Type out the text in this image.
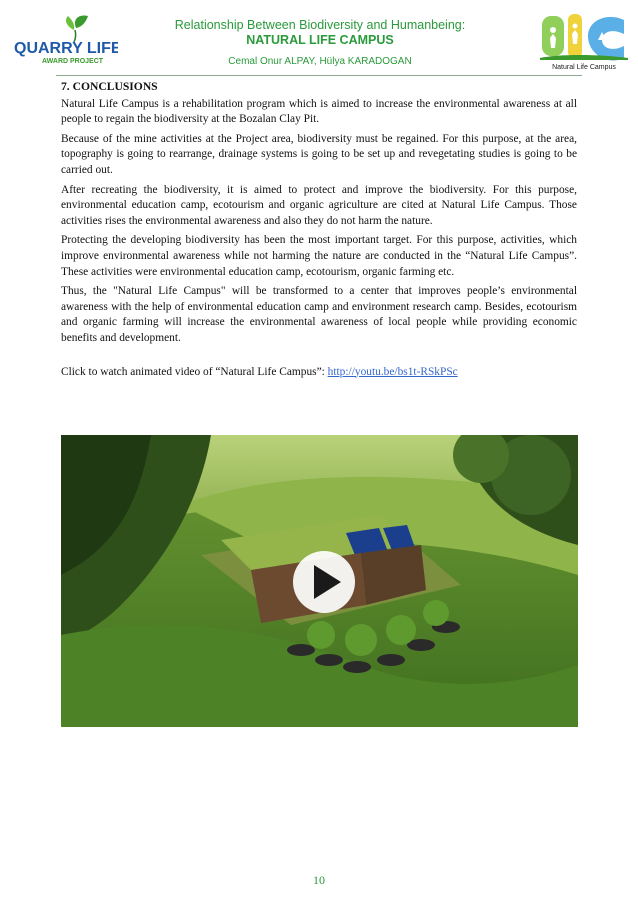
QUARRY LIFE
AWARD PROJECT
Relationship Between Biodiversity and Humanbeing:
NATURAL LIFE CAMPUS
Cemal Onur ALPAY, Hülya KARADOGAN
Natural Life Campus
7. CONCLUSIONS

Natural Life Campus is a rehabilitation program which is aimed to increase the environmental awareness at all people to regain the biodiversity at the Bozalan Clay Pit.

Because of the mine activities at the Project area, biodiversity must be regained. For this purpose, at the area, topography is going to rearrange, drainage systems is going to be set up and revegetating studies is going to be carried out.

After recreating the biodiversity, it is aimed to protect and improve the biodiversity. For this purpose, environmental education camp, ecotourism and organic agriculture are cited at Natural Life Campus. Those activities rises the environmental awareness and also they do not harm the nature.

Protecting the developing biodiversity has been the most important target. For this purpose, activities, which improve environmental awareness while not harming the nature are conducted in the “Natural Life Campus”. These activities were environmental education camp, ecotourism, organic farming etc.

Thus, the "Natural Life Campus" will be transformed to a center that improves people’s environmental awareness with the help of environmental education camp and environment research camp. Besides, ecotourism and organic farming will increase the environmental awareness of local people while providing economic benefits and development.

Click to watch animated video of “Natural Life Campus”: http://youtu.be/bs1t-RSkPSc

10
